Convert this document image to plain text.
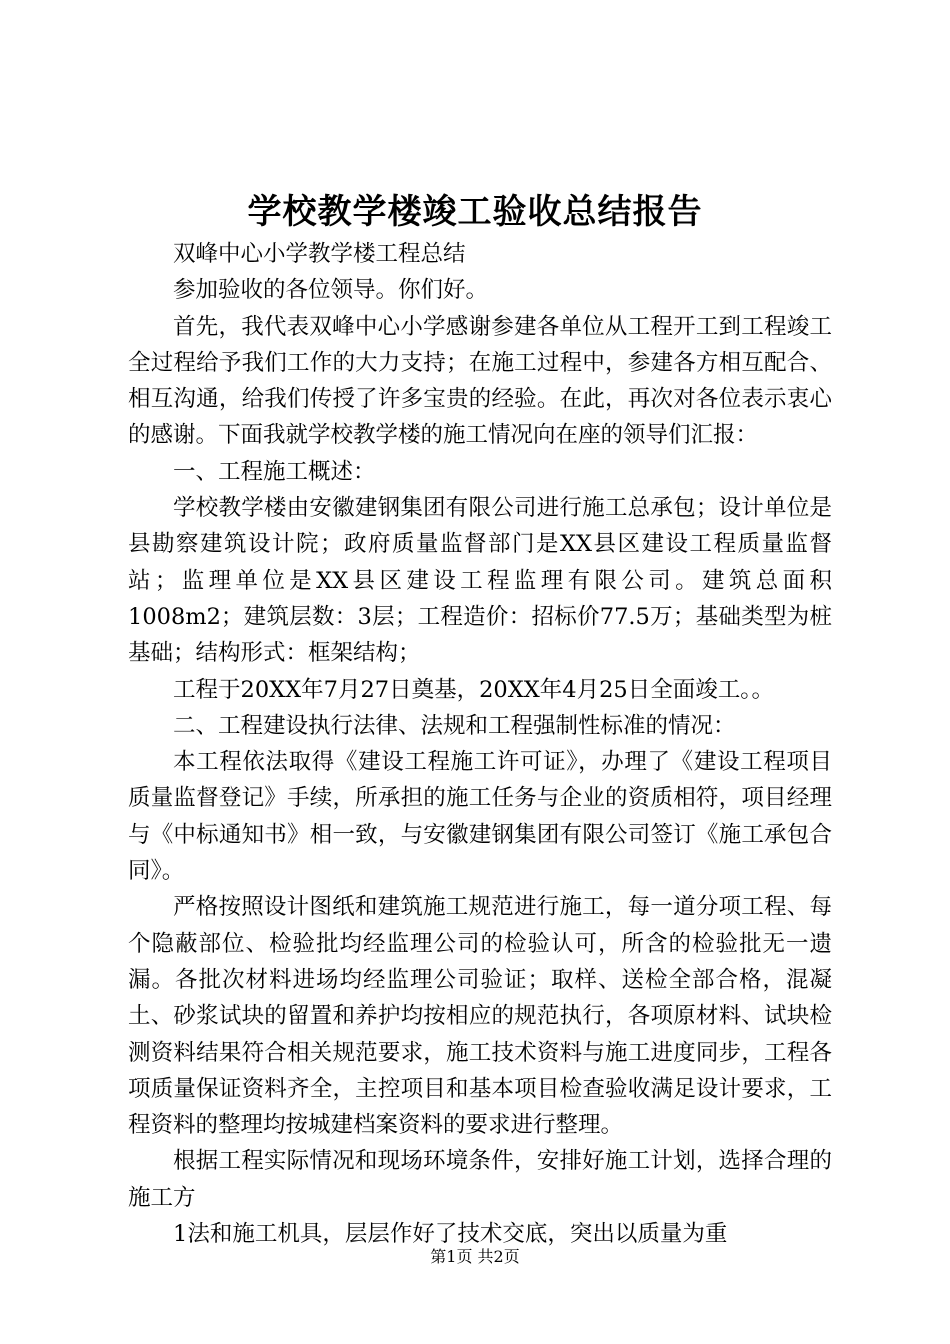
学校教学楼竣工验收总结报告

双峰中心小学教学楼工程总结

参加验收的各位领导。你们好。

首先，我代表双峰中心小学感谢参建各单位从工程开工到工程竣工全过程给予我们工作的大力支持；在施工过程中，参建各方相互配合、相互沟通，给我们传授了许多宝贵的经验。在此，再次对各位表示衷心的感谢。下面我就学校教学楼的施工情况向在座的领导们汇报：

一、工程施工概述：

学校教学楼由安徽建钢集团有限公司进行施工总承包；设计单位是县勘察建筑设计院；政府质量监督部门是XX县区建设工程质量监督站；监理单位是XX县区建设工程监理有限公司。建筑总面积1008m2；建筑层数：3层；工程造价：招标价77.5万；基础类型为桩基础；结构形式：框架结构；

工程于20XX年7月27日奠基，20XX年4月25日全面竣工。。

二、工程建设执行法律、法规和工程强制性标准的情况：

本工程依法取得《建设工程施工许可证》，办理了《建设工程项目质量监督登记》手续，所承担的施工任务与企业的资质相符，项目经理与《中标通知书》相一致，与安徽建钢集团有限公司签订《施工承包合同》。

严格按照设计图纸和建筑施工规范进行施工，每一道分项工程、每个隐蔽部位、检验批均经监理公司的检验认可，所含的检验批无一遗漏。各批次材料进场均经监理公司验证；取样、送检全部合格，混凝土、砂浆试块的留置和养护均按相应的规范执行，各项原材料、试块检测资料结果符合相关规范要求，施工技术资料与施工进度同步，工程各项质量保证资料齐全，主控项目和基本项目检查验收满足设计要求，工程资料的整理均按城建档案资料的要求进行整理。

根据工程实际情况和现场环境条件，安排好施工计划，选择合理的施工方

1法和施工机具，层层作好了技术交底，突出以质量为重

第1页 共2页
